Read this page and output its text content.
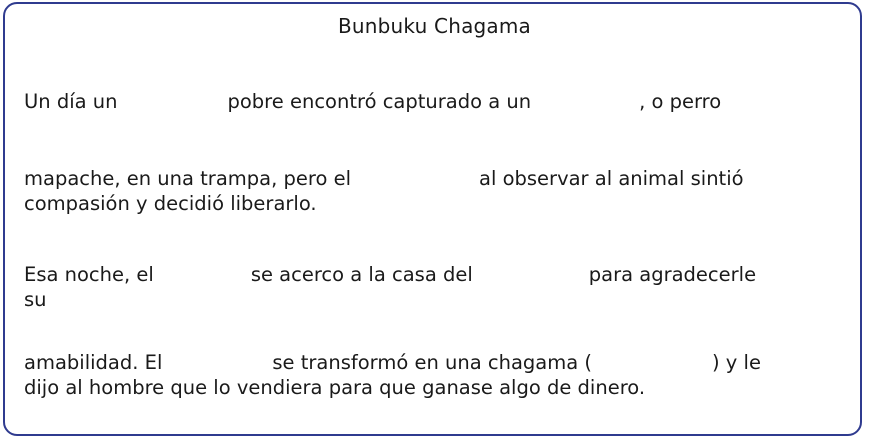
Bunbuku Chagama
Un día un	pobre encontró capturado a un	, o perro
mapache, en una trampa, pero el	al observar al animal sintió
compasión y decidió liberarlo.
Esa noche, el	se acerco a la casa del	para agradecerle
su
amabilidad. El	se transformó en una chagama (	) y le
dijo al hombre que lo vendiera para que ganase algo de dinero.
